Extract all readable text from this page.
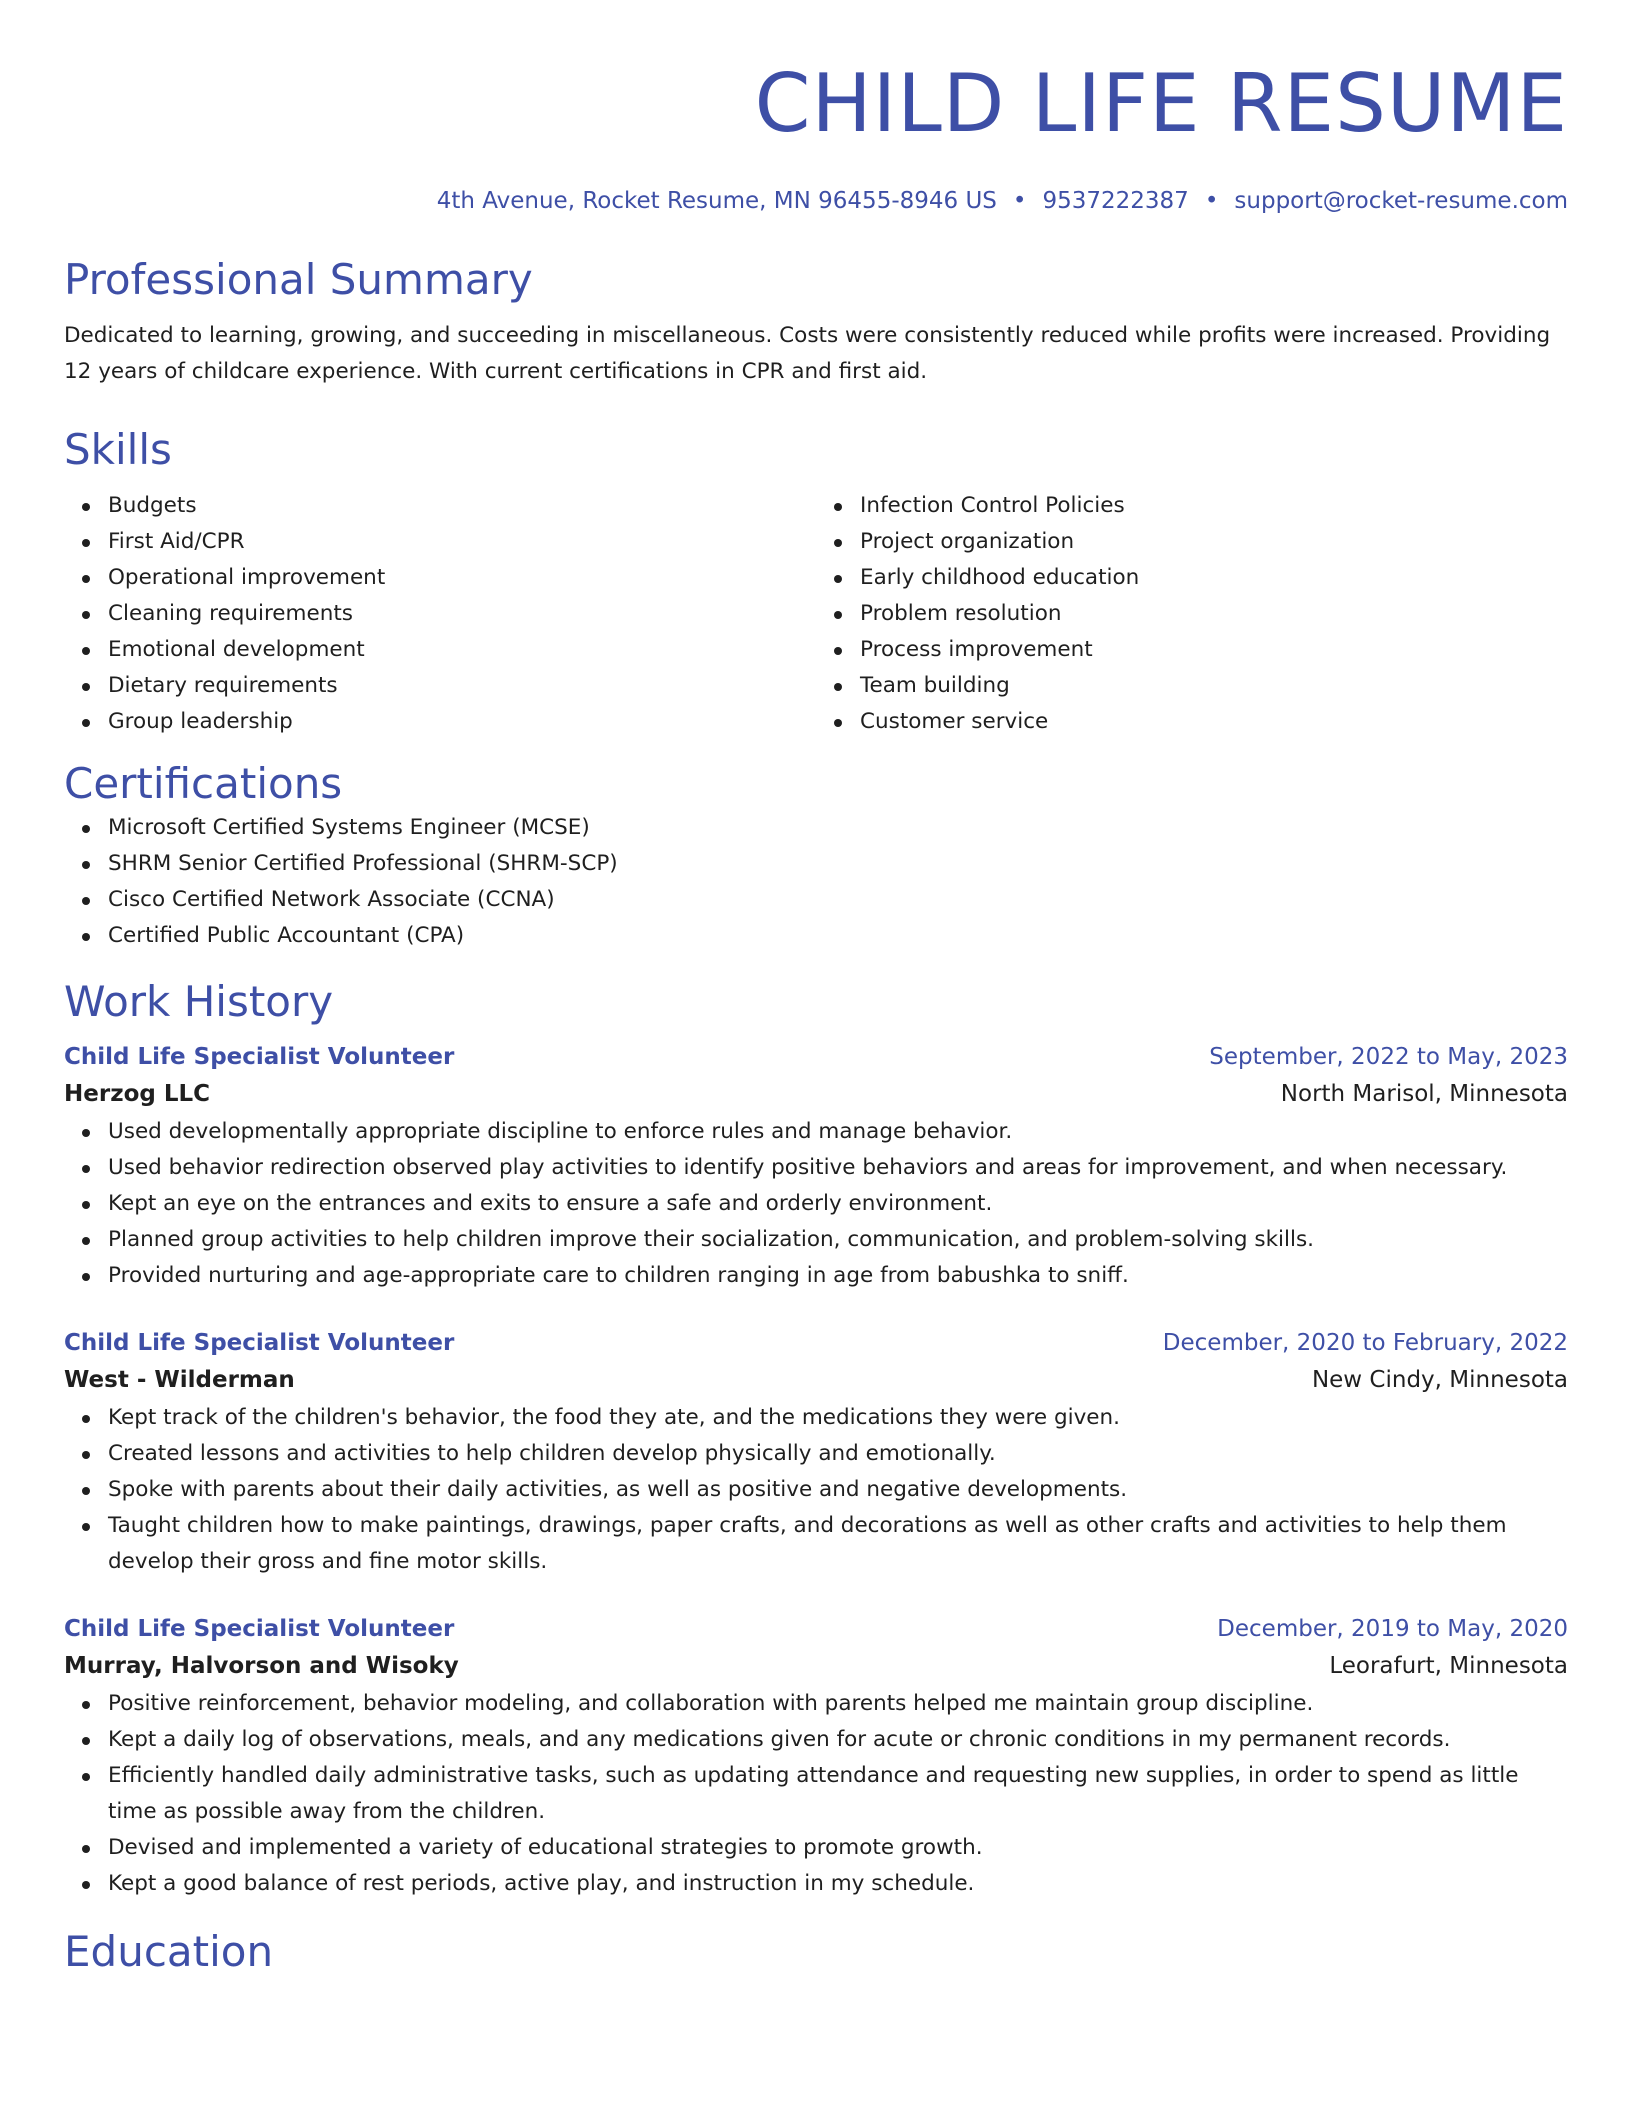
CHILD LIFE RESUME
4th Avenue, Rocket Resume, MN 96455-8946 US • 9537222387 • support@rocket-resume.com
Professional Summary
Dedicated to learning, growing, and succeeding in miscellaneous. Costs were consistently reduced while profits were increased. Providing 12 years of childcare experience. With current certifications in CPR and first aid.
Skills
Budgets
First Aid/CPR
Operational improvement
Cleaning requirements
Emotional development
Dietary requirements
Group leadership
Infection Control Policies
Project organization
Early childhood education
Problem resolution
Process improvement
Team building
Customer service
Certifications
Microsoft Certified Systems Engineer (MCSE)
SHRM Senior Certified Professional (SHRM-SCP)
Cisco Certified Network Associate (CCNA)
Certified Public Accountant (CPA)
Work History
Child Life Specialist Volunteer	September, 2022 to May, 2023
Herzog LLC	North Marisol, Minnesota
Used developmentally appropriate discipline to enforce rules and manage behavior.
Used behavior redirection observed play activities to identify positive behaviors and areas for improvement, and when necessary.
Kept an eye on the entrances and exits to ensure a safe and orderly environment.
Planned group activities to help children improve their socialization, communication, and problem-solving skills.
Provided nurturing and age-appropriate care to children ranging in age from babushka to sniff.
Child Life Specialist Volunteer	December, 2020 to February, 2022
West - Wilderman	New Cindy, Minnesota
Kept track of the children's behavior, the food they ate, and the medications they were given.
Created lessons and activities to help children develop physically and emotionally.
Spoke with parents about their daily activities, as well as positive and negative developments.
Taught children how to make paintings, drawings, paper crafts, and decorations as well as other crafts and activities to help them develop their gross and fine motor skills.
Child Life Specialist Volunteer	December, 2019 to May, 2020
Murray, Halvorson and Wisoky	Leorafurt, Minnesota
Positive reinforcement, behavior modeling, and collaboration with parents helped me maintain group discipline.
Kept a daily log of observations, meals, and any medications given for acute or chronic conditions in my permanent records.
Efficiently handled daily administrative tasks, such as updating attendance and requesting new supplies, in order to spend as little time as possible away from the children.
Devised and implemented a variety of educational strategies to promote growth.
Kept a good balance of rest periods, active play, and instruction in my schedule.
Education
